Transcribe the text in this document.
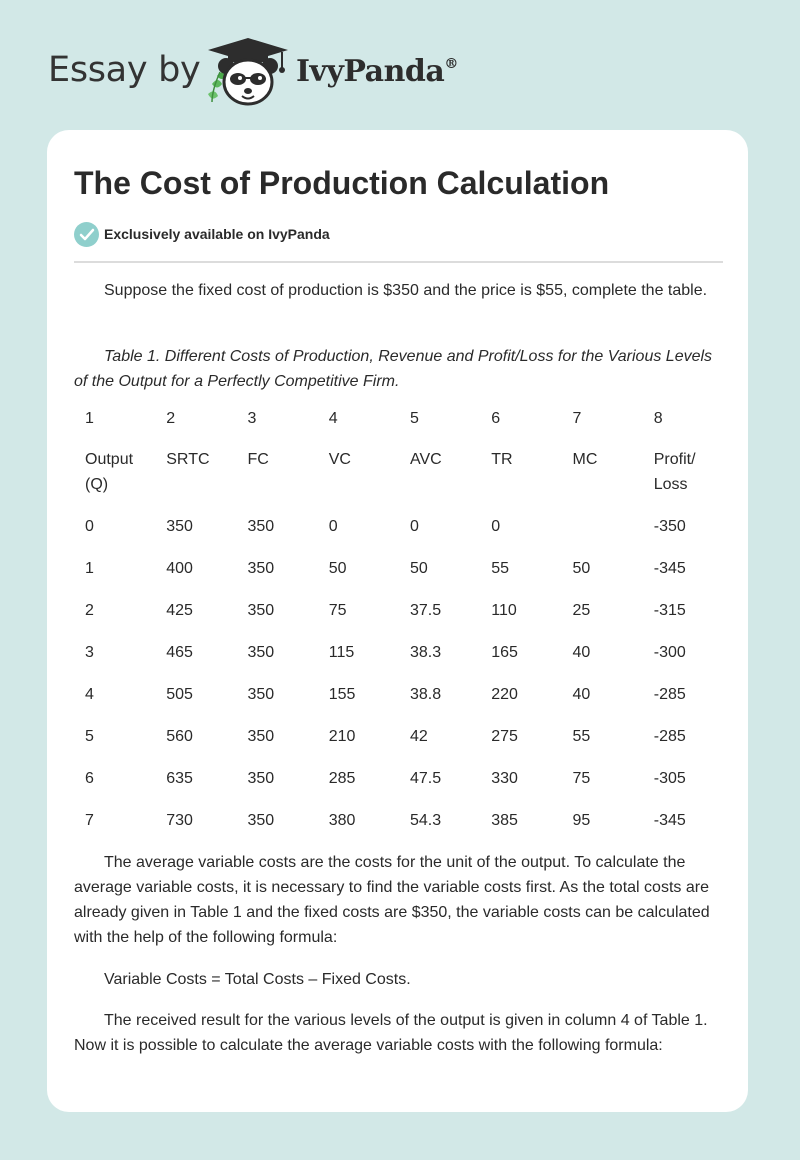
Essay by	IvyPanda®
The Cost of Production Calculation
Exclusively available on IvyPanda

Suppose the fixed cost of production is $350 and the price is $55, complete the table.

Table 1. Different Costs of Production, Revenue and Profit/Loss for the Various Levels of the Output for a Perfectly Competitive Firm.

1	2	3	4	5	6	7	8
Output (Q)	SRTC	FC	VC	AVC	TR	MC	Profit/ Loss
0	350	350	0	0	0		-350
1	400	350	50	50	55	50	-345
2	425	350	75	37.5	110	25	-315
3	465	350	115	38.3	165	40	-300
4	505	350	155	38.8	220	40	-285
5	560	350	210	42	275	55	-285
6	635	350	285	47.5	330	75	-305
7	730	350	380	54.3	385	95	-345

The average variable costs are the costs for the unit of the output. To calculate the average variable costs, it is necessary to find the variable costs first. As the total costs are already given in Table 1 and the fixed costs are $350, the variable costs can be calculated with the help of the following formula:

Variable Costs = Total Costs – Fixed Costs.

The received result for the various levels of the output is given in column 4 of Table 1. Now it is possible to calculate the average variable costs with the following formula:
